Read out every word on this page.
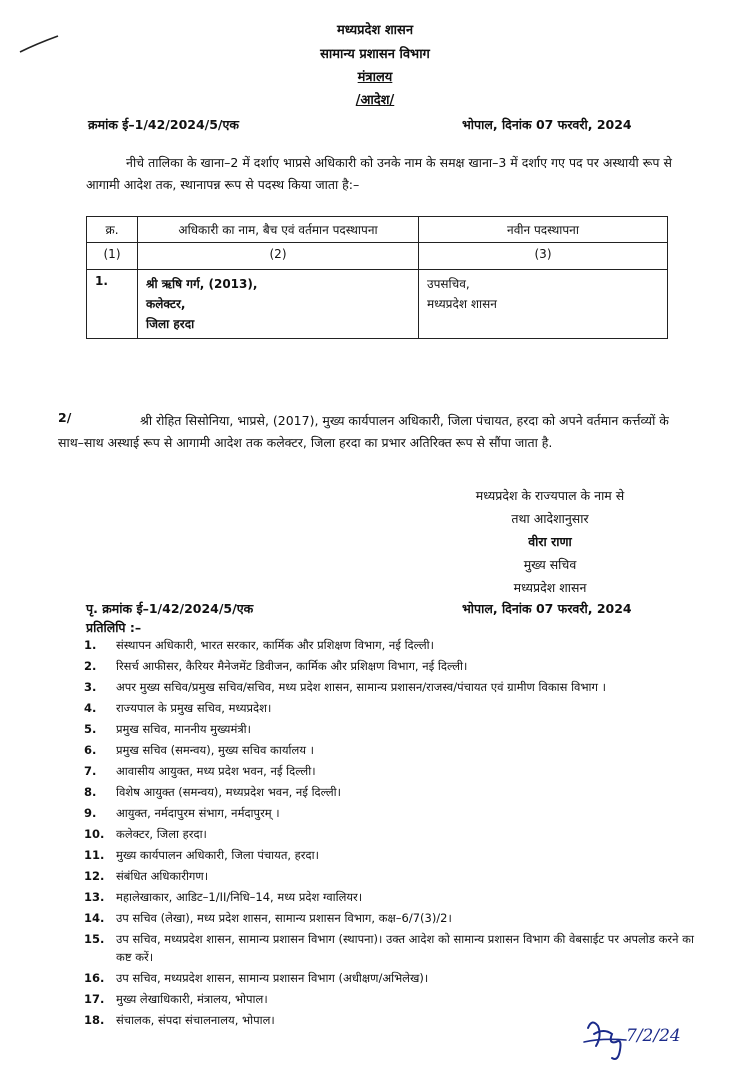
मध्यप्रदेश शासन
सामान्य प्रशासन विभाग
मंत्रालय
/आदेश/
क्रमांक ई–1/42/2024/5/एक	भोपाल, दिनांक 07 फरवरी, 2024
नीचे तालिका के खाना–2 में दर्शाए भाप्रसे अधिकारी को उनके नाम के समक्ष खाना–3 में दर्शाए गए पद पर अस्थायी रूप से आगामी आदेश तक, स्थानापन्न रूप से पदस्थ किया जाता है:–
क्र.	अधिकारी का नाम, बैच एवं वर्तमान पदस्थापना	नवीन पदस्थापना
(1)	(2)	(3)
1.	श्री ऋषि गर्ग, (2013),
कलेक्टर,
जिला हरदा	उपसचिव,
मध्यप्रदेश शासन
2/	श्री रोहित सिसोनिया, भाप्रसे, (2017), मुख्य कार्यपालन अधिकारी, जिला पंचायत, हरदा को अपने वर्तमान कर्त्तव्यों के साथ–साथ अस्थाई रूप से आगामी आदेश तक कलेक्टर, जिला हरदा का प्रभार अतिरिक्त रूप से सौंपा जाता है.
मध्यप्रदेश के राज्यपाल के नाम से
तथा आदेशानुसार
वीरा राणा
मुख्य सचिव
मध्यप्रदेश शासन
पृ. क्रमांक ई–1/42/2024/5/एक	भोपाल, दिनांक 07 फरवरी, 2024
प्रतिलिपि :–
1.	संस्थापन अधिकारी, भारत सरकार, कार्मिक और प्रशिक्षण विभाग, नई दिल्ली।
2.	रिसर्च आफीसर, कैरियर मैनेजमेंट डिवीजन, कार्मिक और प्रशिक्षण विभाग, नई दिल्ली।
3.	अपर मुख्य सचिव/प्रमुख सचिव/सचिव, मध्य प्रदेश शासन, सामान्य प्रशासन/राजस्व/पंचायत एवं ग्रामीण विकास विभाग ।
4.	राज्यपाल के प्रमुख सचिव, मध्यप्रदेश।
5.	प्रमुख सचिव, माननीय मुख्यमंत्री।
6.	प्रमुख सचिव (समन्वय), मुख्य सचिव कार्यालय ।
7.	आवासीय आयुक्त, मध्य प्रदेश भवन, नई दिल्ली।
8.	विशेष आयुक्त (समन्वय), मध्यप्रदेश भवन, नई दिल्ली।
9.	आयुक्त, नर्मदापुरम संभाग, नर्मदापुरम् ।
10.	कलेक्टर, जिला हरदा।
11.	मुख्य कार्यपालन अधिकारी, जिला पंचायत, हरदा।
12.	संबंधित अधिकारीगण।
13.	महालेखाकार, आडिट–1/II/निधि–14, मध्य प्रदेश ग्वालियर।
14.	उप सचिव (लेखा), मध्य प्रदेश शासन, सामान्य प्रशासन विभाग, कक्ष–6/7(3)/2।
15.	उप सचिव, मध्यप्रदेश शासन, सामान्य प्रशासन विभाग (स्थापना)। उक्त आदेश को सामान्य प्रशासन विभाग की वेबसाईट पर अपलोड करने का कष्ट करें।
16.	उप सचिव, मध्यप्रदेश शासन, सामान्य प्रशासन विभाग (अधीक्षण/अभिलेख)।
17.	मुख्य लेखाधिकारी, मंत्रालय, भोपाल।
18.	संचालक, संपदा संचालनालय, भोपाल।
7/2/24
